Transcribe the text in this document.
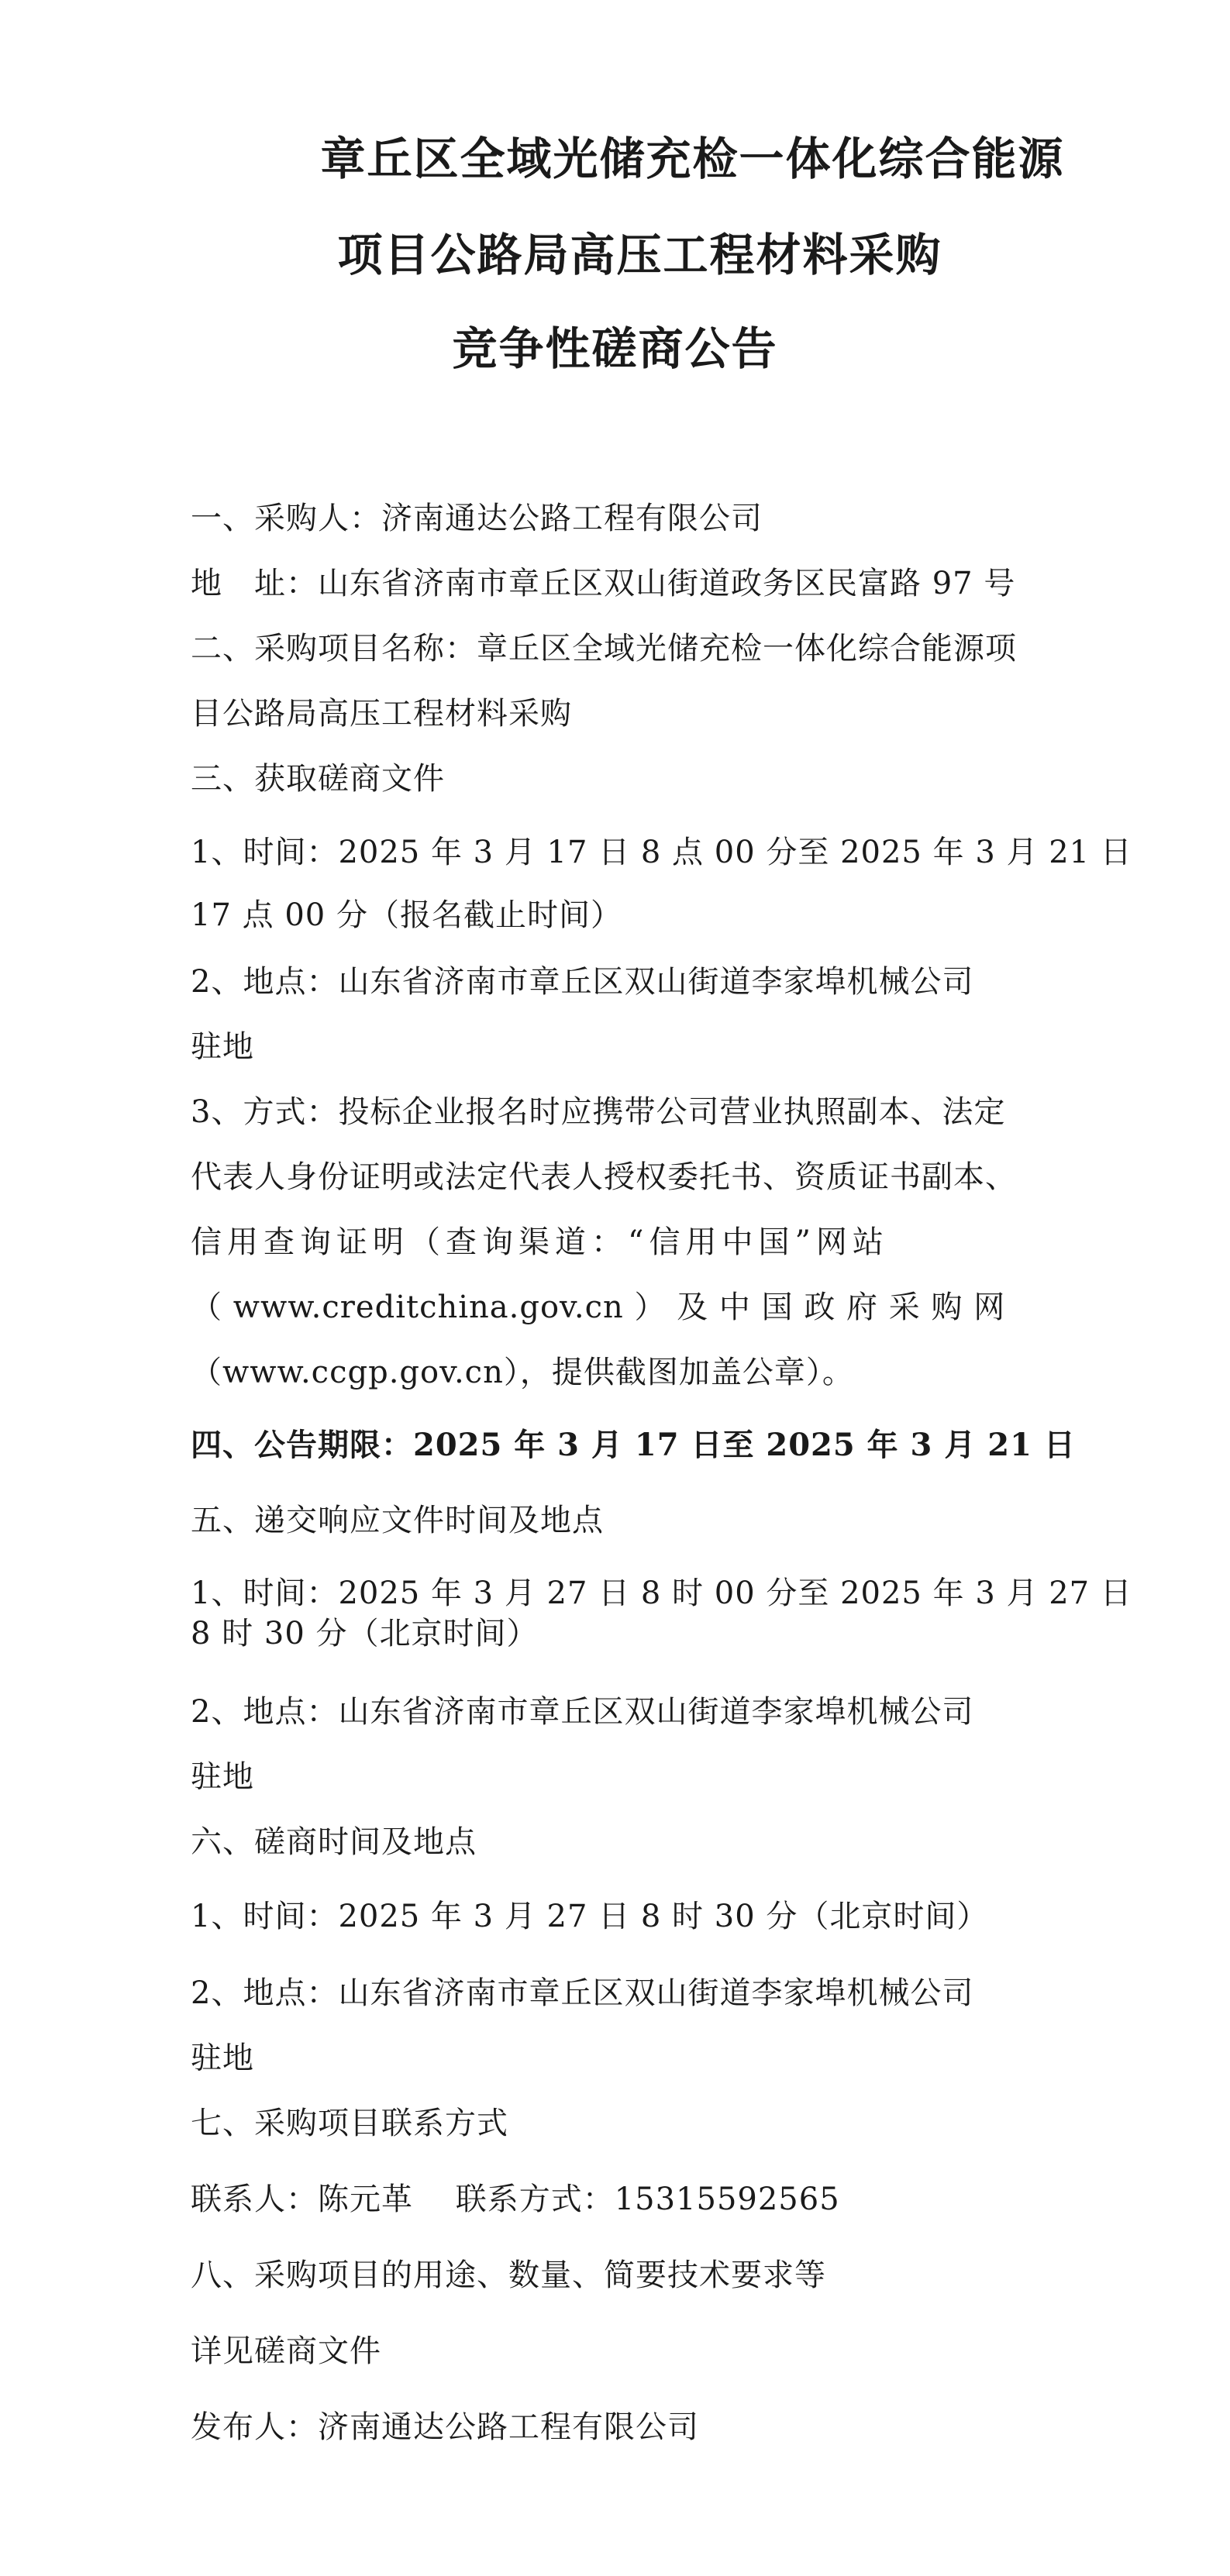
章丘区全域光储充检一体化综合能源
项目公路局高压工程材料采购
竞争性磋商公告
一、采购人：济南通达公路工程有限公司
地　址：山东省济南市章丘区双山街道政务区民富路 97 号
二、采购项目名称：章丘区全域光储充检一体化综合能源项
目公路局高压工程材料采购
三、获取磋商文件
1、时间：2025 年 3 月 17 日 8 点 00 分至 2025 年 3 月 21 日
17 点 00 分（报名截止时间）
2、地点：山东省济南市章丘区双山街道李家埠机械公司
驻地
3、方式：投标企业报名时应携带公司营业执照副本、法定
代表人身份证明或法定代表人授权委托书、资质证书副本、
信用查询证明（查询渠道：“信用中国”网站
（ www.creditchina.gov.cn ） 及 中 国 政 府 采 购 网
（www.ccgp.gov.cn），提供截图加盖公章）。
四、公告期限：2025 年 3 月 17 日至 2025 年 3 月 21 日
五、递交响应文件时间及地点
1、时间：2025 年 3 月 27 日 8 时 00 分至 2025 年 3 月 27 日
8 时 30 分（北京时间）
2、地点：山东省济南市章丘区双山街道李家埠机械公司
驻地
六、磋商时间及地点
1、时间：2025 年 3 月 27 日 8 时 30 分（北京时间）
2、地点：山东省济南市章丘区双山街道李家埠机械公司
驻地
七、采购项目联系方式
联系人：陈元革　 联系方式：15315592565
八、采购项目的用途、数量、简要技术要求等
详见磋商文件
发布人：济南通达公路工程有限公司
